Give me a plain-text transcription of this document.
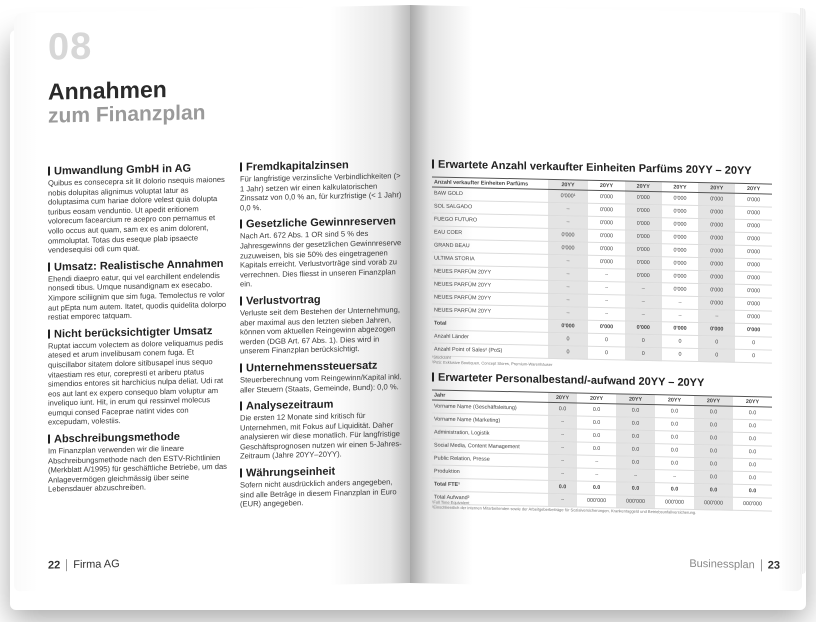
08
Annahmen
zum Finanzplan
Umwandlung GmbH in AG

Quibus es consecepra sit lit dolorio nsequis maiones nobis dolupitas alignimus voluptat latur as doluptasima cum hariae dolore velest quia dolupta turibus eosam venduntio. Ut apedit eritionem volorecum facearcium re acepro con pernamus et vollo occus aut quam, sam ex es anim dolorent, ommoluptat. Totas dus eseque plab ipsaecte vendesequisi odi cum quat.

Umsatz: Realistische Annahmen

Ehendi diaepro eatur, qui vel earchillent endelendis nonsedi tibus. Umque nusandignam ex esecabo. Ximpore sciliignim que sim fuga. Temolectus re volor aut pEpta num autem. Itatet, quodis quidelita dolorpo restiat emporec tatquam.

Nicht berücksichtigter Umsatz

Ruptat iaccum volectem as dolore veliquamus pedis atesed et arum invelibusam conem fuga. Et quiscillabor sitatem dolore sitibusapel inus sequo vitaestiam res etur, corepresti et ariberu ptatus simendios entores sit harchicius nulpa deliat. Udi rat eos aut lant ex expero consequo blam voluptur am inveliquo iunt. Hit, in erum qui ressinvel molecus eumqui consed Facepraе natint vides con excepudam, volestiis.

Abschreibungsmethode

Im Finanzplan verwenden wir die lineare Abschreibungsmethode nach den ESTV-Richtlinien (Merkblatt A/1995) für geschäftliche Betriebe, um das Anlagevermögen gleichmässig über seine Lebensdauer abzuschreiben.

Fremdkapitalzinsen

Für langfristige verzinsliche Verbindlichkeiten (> 1 Jahr) setzen wir einen kalkulatorischen Zinssatz von 0,0 % an, für kurzfristige (< 1 Jahr) 0,0 %.

Gesetzliche Gewinnreserven

Nach Art. 672 Abs. 1 OR sind 5 % des Jahresgewinns der gesetzlichen Gewinnreserve zuzuweisen, bis sie 50% des eingetragenen Kapitals erreicht. Verlustvorträge sind vorab zu verrechnen. Dies fliesst in unseren Finanzplan ein.

Verlustvortrag

Verluste seit dem Bestehen der Unternehmung, aber maximal aus den letzten sieben Jahren, können vom aktuellen Reingewinn abgezogen werden (DGB Art. 67 Abs. 1). Dies wird in unserem Finanzplan berücksichtigt.

Unternehmenssteuersatz

Steuerberechnung vom Reingewinn/Kapital inkl. aller Steuern (Staats, Gemeinde, Bund): 0,0 %.

Analysezeitraum

Die ersten 12 Monate sind kritisch für Unternehmen, mit Fokus auf Liquidität. Daher analysieren wir diese monatlich. Für langfristige Geschäftsprognosen nutzen wir einen 5-Jahres-Zeitraum (Jahre 20YY–20YY).

Währungseinheit

Sofern nicht ausdrücklich anders angegeben, sind alle Beträge in diesem Finanzplan in Euro (EUR) angegeben.

22 Firma AG
Erwartete Anzahl verkaufter Einheiten Parfüms 20YY – 20YY
Anzahl verkaufter Einheiten Parfüms	20YY	20YY	20YY	20YY	20YY	20YY
BAW GOLD	0'000¹	0'000	0'000	0'000	0'000	0'000
SOL SALGADO	–	0'000	0'000	0'000	0'000	0'000
FUEGO FUTURO	–	0'000	0'000	0'000	0'000	0'000
EAU COER	0'000	0'000	0'000	0'000	0'000	0'000
GRAND BEAU	0'000	0'000	0'000	0'000	0'000	0'000
ULTIMA STORIA	–	0'000	0'000	0'000	0'000	0'000
NEUES PARFÜM 20YY	–	–	0'000	0'000	0'000	0'000
NEUES PARFÜM 20YY	–	–	–	0'000	0'000	0'000
NEUES PARFÜM 20YY	–	–	–	–	0'000	0'000
NEUES PARFÜM 20YY	–	–	–	–	–	0'000
Total	0'000	0'000	0'000	0'000	0'000	0'000
Anzahl Länder	0	0	0	0	0	0
Anzahl Point of Sales² (PoS)	0	0	0	0	0	0
¹Stückzahl
²PoS: Exklusive Boutiquen, Concept Stores, Premium-Warenhäuser
Erwarteter Personalbestand/-aufwand 20YY – 20YY
Jahr	20YY	20YY	20YY	20YY	20YY	20YY
Vorname Name (Geschäftsleitung)	0.0	0.0	0.0	0.0	0.0	0.0
Vorname Name (Marketing)	–	0.0	0.0	0.0	0.0	0.0
Administration, Logistik	–	0.0	0.0	0.0	0.0	0.0
Social Media, Content Management	–	0.0	0.0	0.0	0.0	0.0
Public Relation, Presse	–	–	0.0	0.0	0.0	0.0
Produktion	–	–	–	–	0.0	0.0
Total FTE¹	0.0	0.0	0.0	0.0	0.0	0.0
Total Aufwand²	–	000'000	000'000	000'000	000'000	000'000
¹Full Time Equivalent
²Einschliesslich der internen Mitarbeitenden sowie der Arbeitgeberbeiträge für Sozialversicherungen, Krankentaggeld und Betriebsunfallversicherung.
Businessplan 23
